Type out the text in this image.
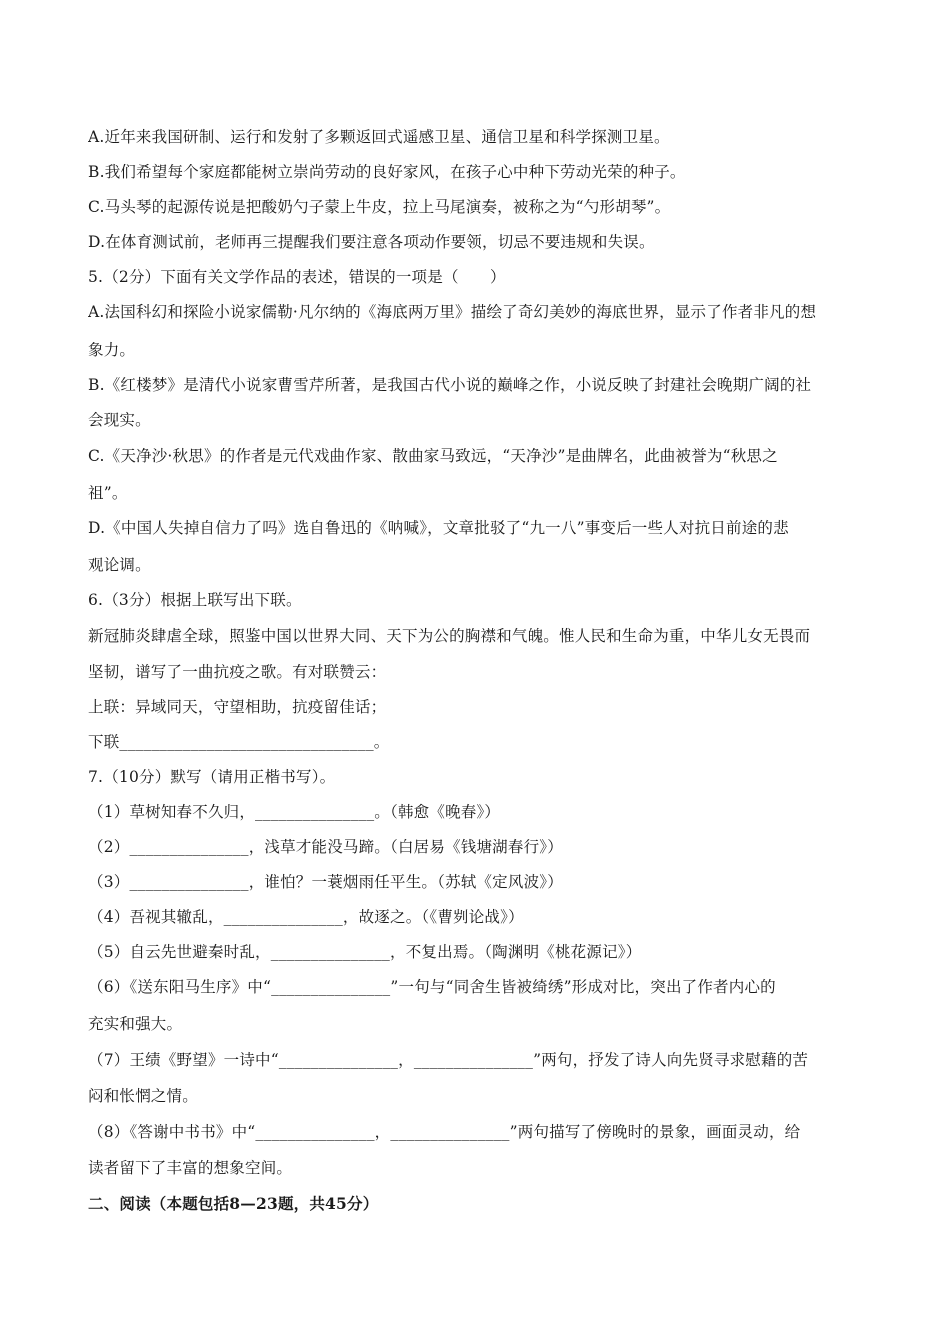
A.近年来我国研制、运行和发射了多颗返回式遥感卫星、通信卫星和科学探测卫星。
B.我们希望每个家庭都能树立崇尚劳动的良好家风，在孩子心中种下劳动光荣的种子。
C.马头琴的起源传说是把酸奶勺子蒙上牛皮，拉上马尾演奏，被称之为“勺形胡琴”。
D.在体育测试前，老师再三提醒我们要注意各项动作要领，切忌不要违规和失误。
5.（2分）下面有关文学作品的表述，错误的一项是（　　）
A.法国科幻和探险小说家儒勒·凡尔纳的《海底两万里》描绘了奇幻美妙的海底世界，显示了作者非凡的想
象力。
B.《红楼梦》是清代小说家曹雪芹所著，是我国古代小说的巅峰之作，小说反映了封建社会晚期广阔的社
会现实。
C.《天净沙·秋思》的作者是元代戏曲作家、散曲家马致远，“天净沙”是曲牌名，此曲被誉为“秋思之
祖”。
D.《中国人失掉自信力了吗》选自鲁迅的《呐喊》，文章批驳了“九一八”事变后一些人对抗日前途的悲
观论调。
6.（3分）根据上联写出下联。
新冠肺炎肆虐全球，照鉴中国以世界大同、天下为公的胸襟和气魄。惟人民和生命为重，中华儿女无畏而
坚韧，谱写了一曲抗疫之歌。有对联赞云：
上联：异域同天，守望相助，抗疫留佳话；
下联________________________________。
7.（10分）默写（请用正楷书写）。
（1）草树知春不久归，_______________。（韩愈《晚春》）
（2）_______________，浅草才能没马蹄。（白居易《钱塘湖春行》）
（3）_______________，谁怕？一蓑烟雨任平生。（苏轼《定风波》）
（4）吾视其辙乱，_______________，故逐之。（《曹刿论战》）
（5）自云先世避秦时乱，_______________，不复出焉。（陶渊明《桃花源记》）
（6）《送东阳马生序》中“_______________”一句与“同舍生皆被绮绣”形成对比，突出了作者内心的
充实和强大。
（7）王绩《野望》一诗中“_______________，_______________”两句，抒发了诗人向先贤寻求慰藉的苦
闷和怅惘之情。
（8）《答谢中书书》中“_______________，_______________”两句描写了傍晚时的景象，画面灵动，给
读者留下了丰富的想象空间。
二、阅读（本题包括8—23题，共45分）
